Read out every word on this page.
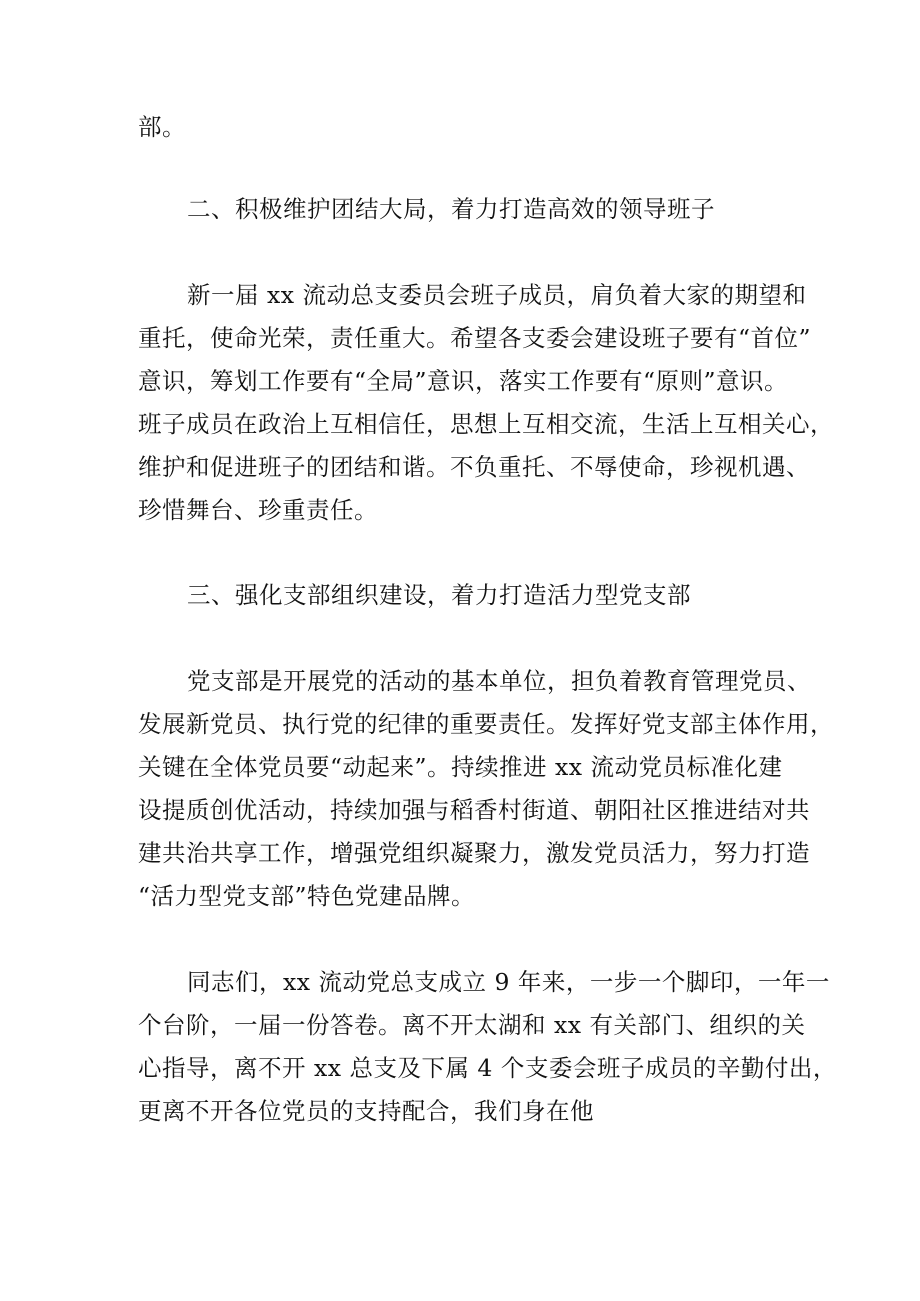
部。
二、积极维护团结大局，着力打造高效的领导班子
新一届 xx 流动总支委员会班子成员，肩负着大家的期望和
重托，使命光荣，责任重大。希望各支委会建设班子要有“首位”
意识，筹划工作要有“全局”意识，落实工作要有“原则”意识。
班子成员在政治上互相信任，思想上互相交流，生活上互相关心，
维护和促进班子的团结和谐。不负重托、不辱使命，珍视机遇、
珍惜舞台、珍重责任。
三、强化支部组织建设，着力打造活力型党支部
党支部是开展党的活动的基本单位，担负着教育管理党员、
发展新党员、执行党的纪律的重要责任。发挥好党支部主体作用，
关键在全体党员要“动起来”。持续推进 xx 流动党员标准化建
设提质创优活动，持续加强与稻香村街道、朝阳社区推进结对共
建共治共享工作，增强党组织凝聚力，激发党员活力，努力打造
“活力型党支部”特色党建品牌。
同志们，xx 流动党总支成立 9 年来，一步一个脚印，一年一
个台阶，一届一份答卷。离不开太湖和 xx 有关部门、组织的关
心指导，离不开 xx 总支及下属 4 个支委会班子成员的辛勤付出，
更离不开各位党员的支持配合，我们身在他
